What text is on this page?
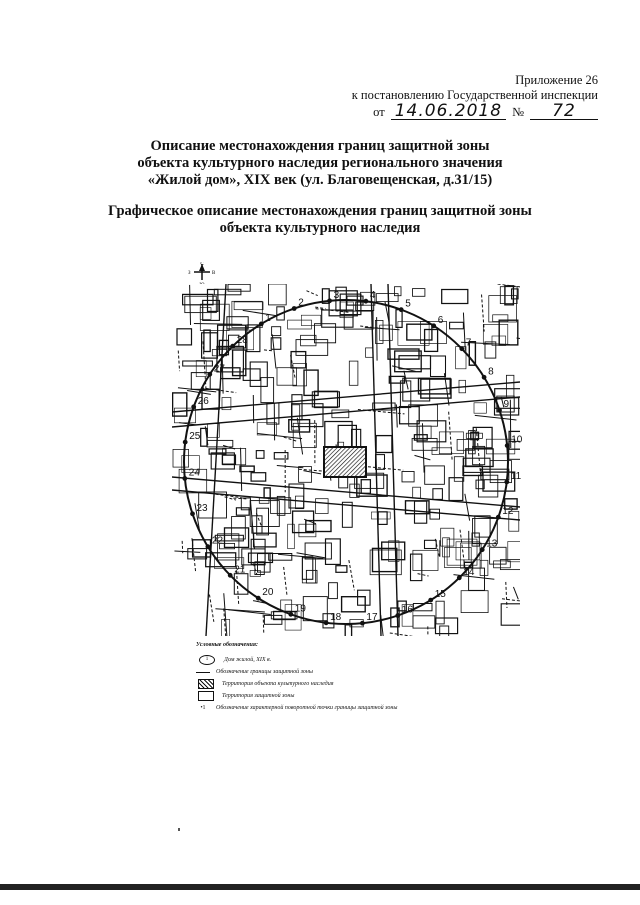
Приложение 26
к постановлению Государственной инспекции
от 14.06.2018 №	72
Описание местонахождения границ защитной зоны
объекта культурного наследия регионального значения
«Жилой дом», XIX век (ул. Благовещенская, д.31/15)
Графическое описание местонахождения границ защитной зоны
объекта культурного наследия
С
З	В
1
2
3	4
5
6
7
8
9
10
11
12
13
14
15
16
17
18
19
20
21
22
23
24
25
26
27
28
Условные обозначения:
1	Дом жилой, XIX в.
Обозначение границы защитной зоны
Территория объекта культурного наследия
Территория защитной зоны
•1	Обозначение характерной поворотной точки границы защитной зоны
